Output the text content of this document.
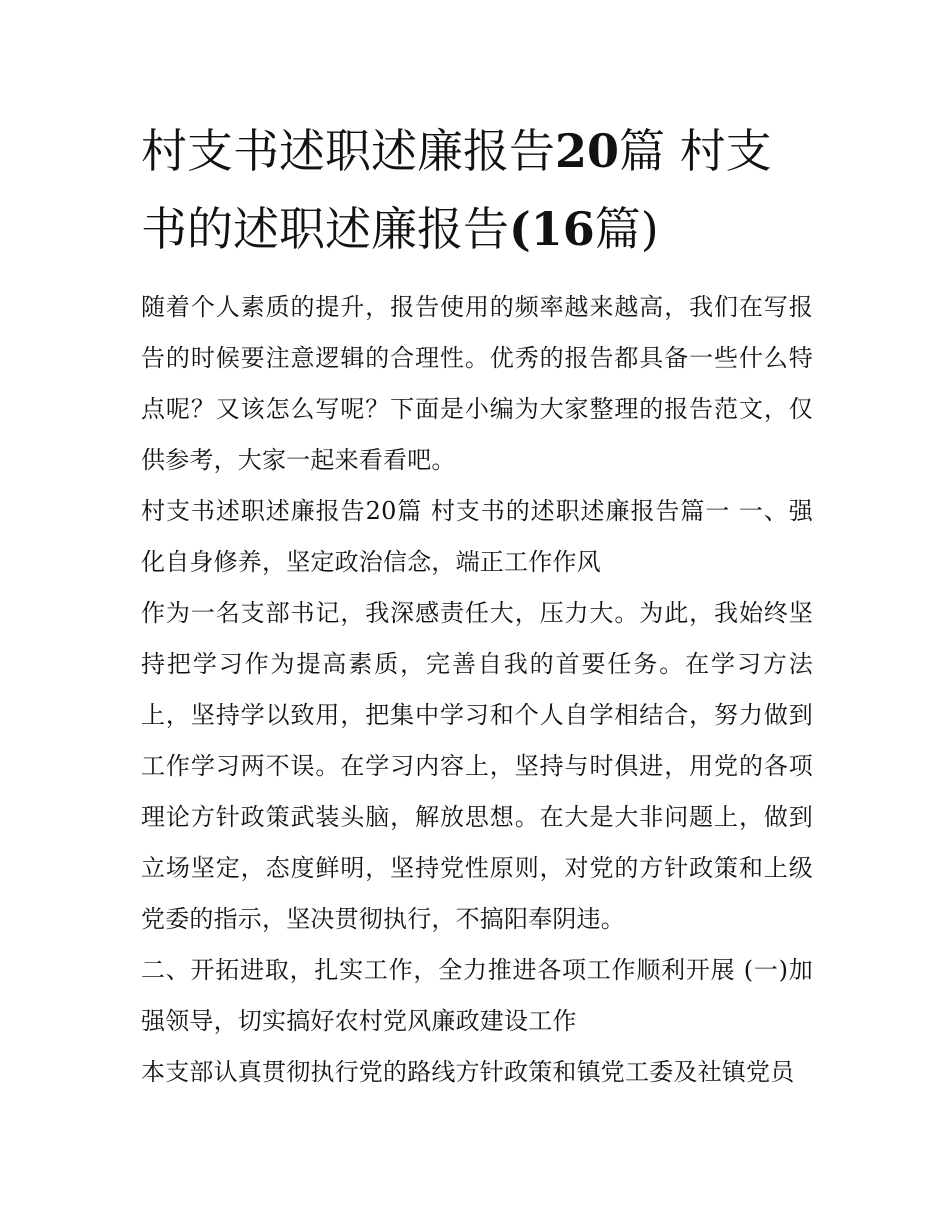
村支书述职述廉报告20篇 村支书的述职述廉报告(16篇)

随着个人素质的提升，报告使用的频率越来越高，我们在写报告的时候要注意逻辑的合理性。优秀的报告都具备一些什么特点呢？又该怎么写呢？下面是小编为大家整理的报告范文，仅供参考，大家一起来看看吧。

村支书述职述廉报告20篇 村支书的述职述廉报告篇一 一、强化自身修养，坚定政治信念，端正工作作风

作为一名支部书记，我深感责任大，压力大。为此，我始终坚持把学习作为提高素质，完善自我的首要任务。在学习方法上，坚持学以致用，把集中学习和个人自学相结合，努力做到工作学习两不误。在学习内容上，坚持与时俱进，用党的各项理论方针政策武装头脑，解放思想。在大是大非问题上，做到立场坚定，态度鲜明，坚持党性原则，对党的方针政策和上级党委的指示，坚决贯彻执行，不搞阳奉阴违。

二、开拓进取，扎实工作，全力推进各项工作顺利开展 (一)加强领导，切实搞好农村党风廉政建设工作

本支部认真贯彻执行党的路线方针政策和镇党工委及社镇党员
